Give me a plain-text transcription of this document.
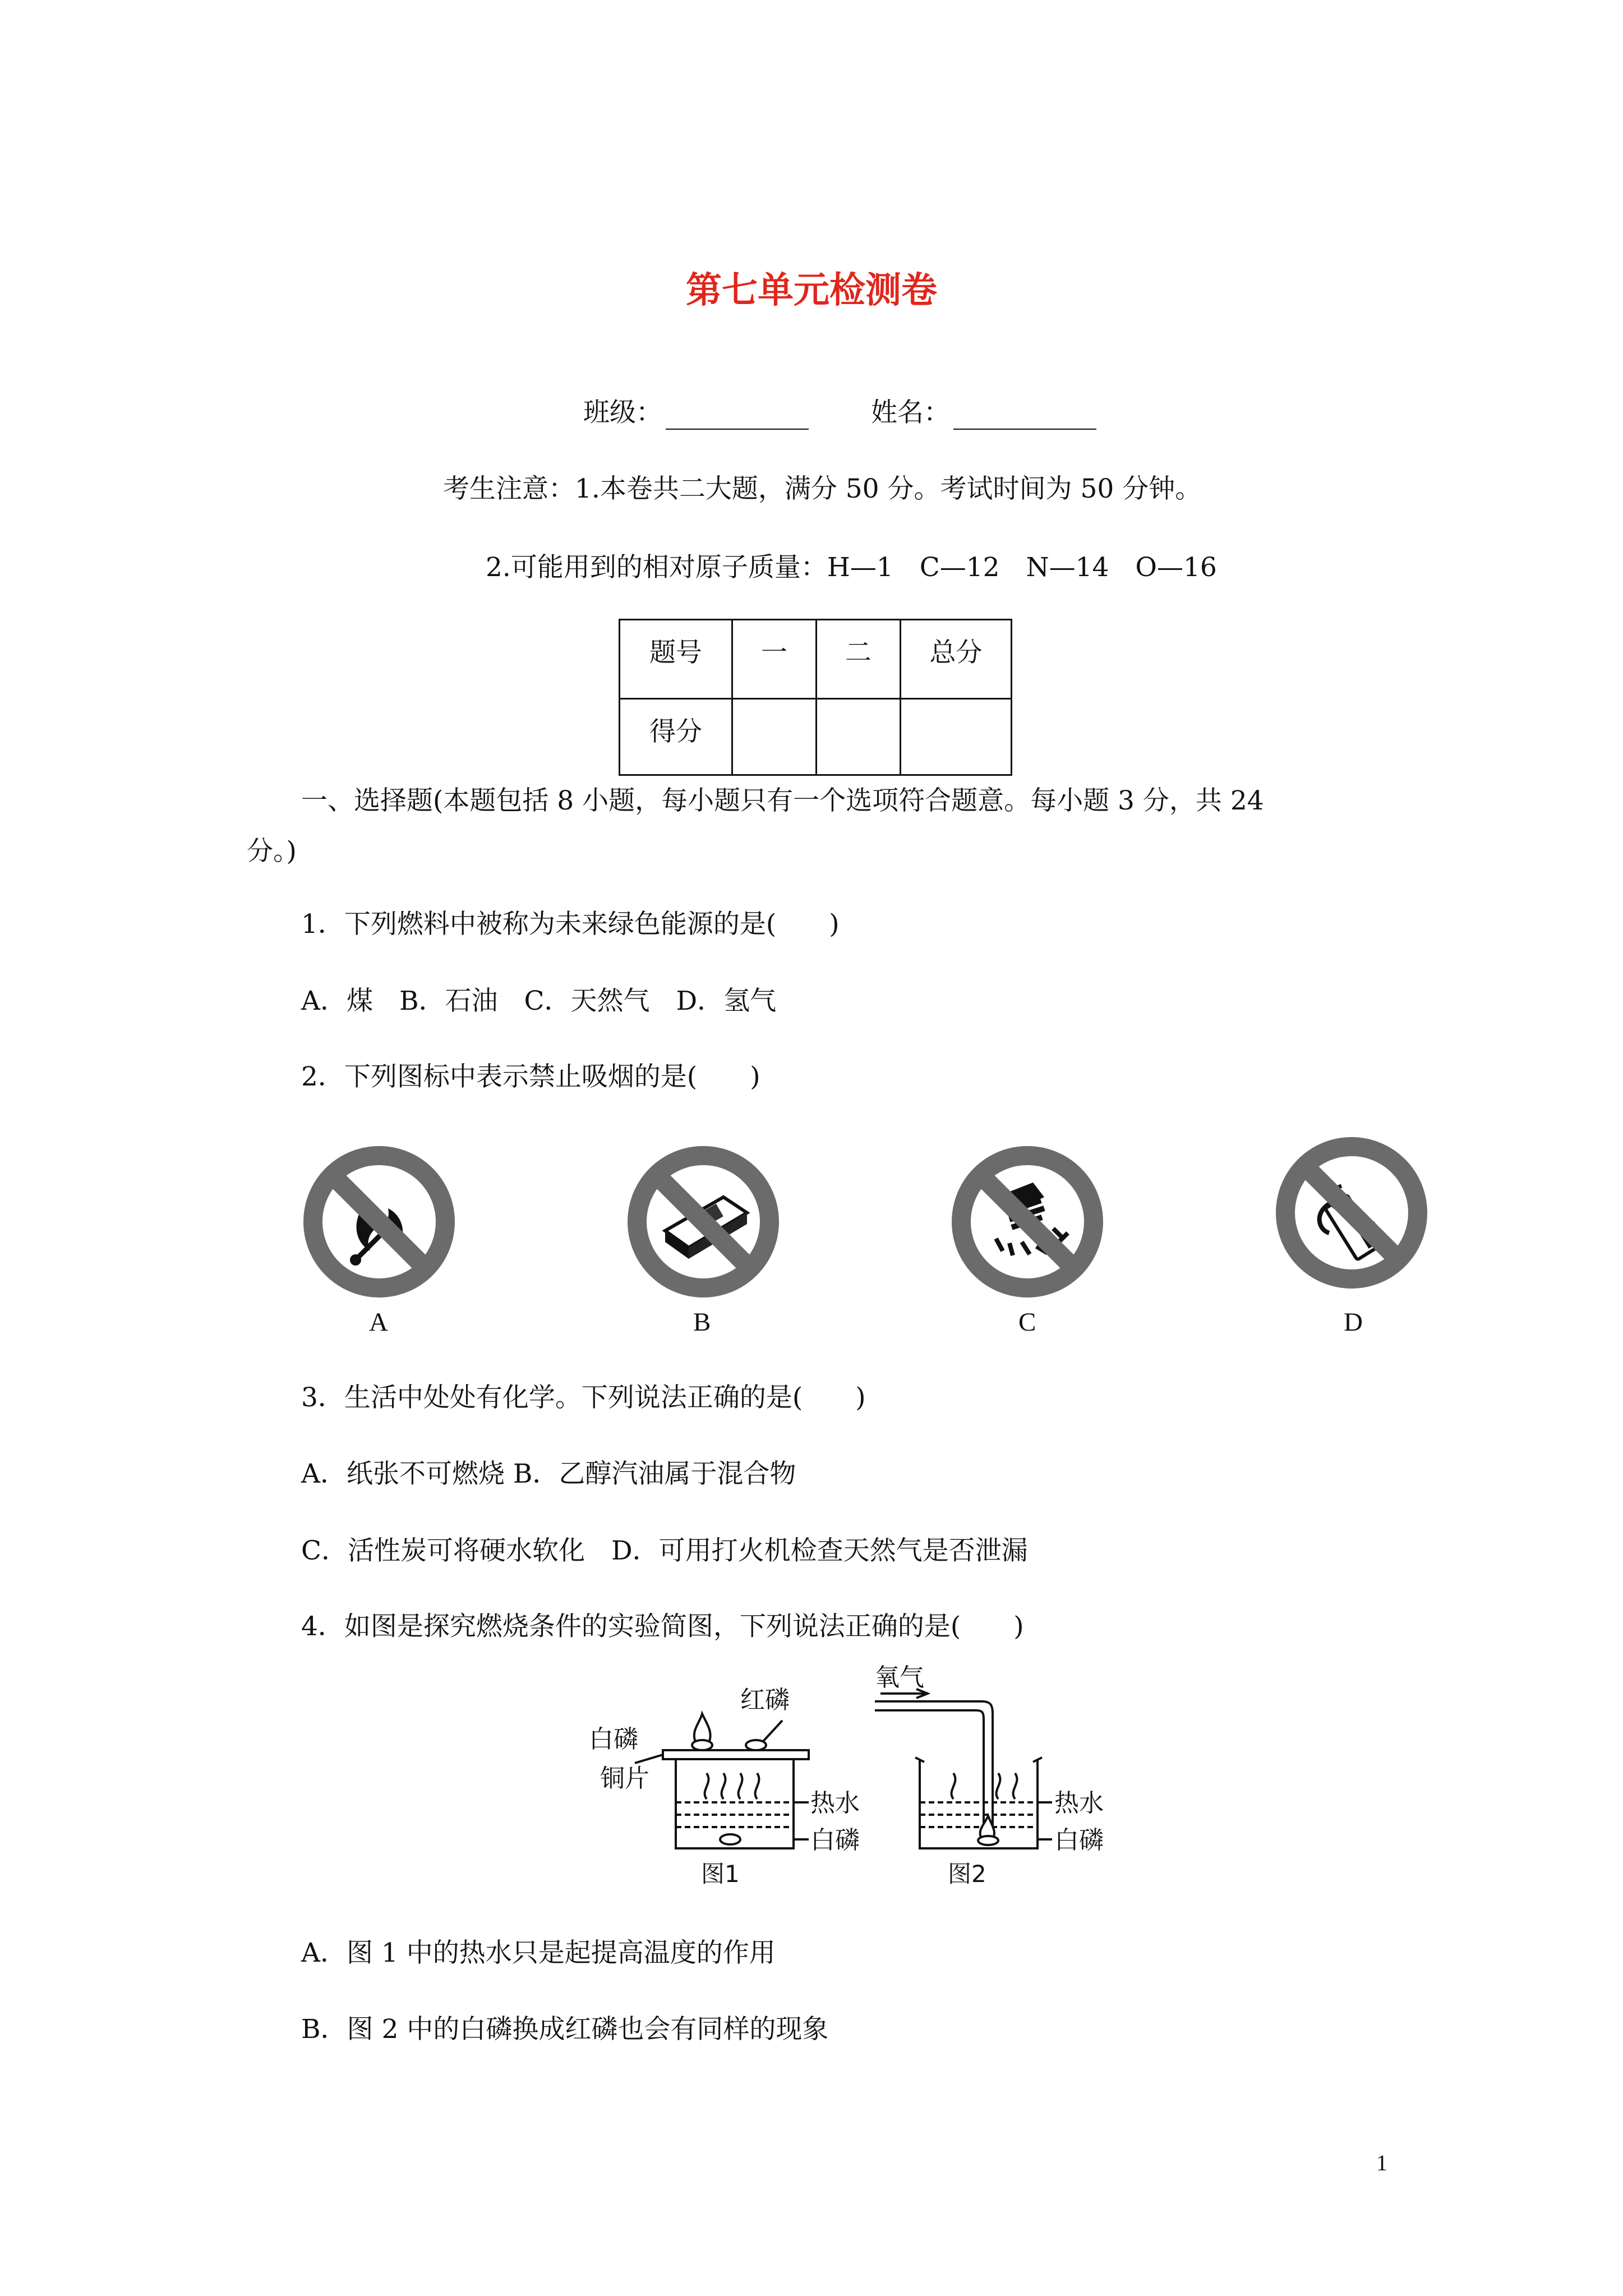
第七单元检测卷
班级：	姓名：
考生注意：1.本卷共二大题，满分 50 分。考试时间为 50 分钟。
2.可能用到的相对原子质量：H—1　C—12　N—14　O—16
题号	一	二	总分
得分			
一、选择题(本题包括 8 小题，每小题只有一个选项符合题意。每小题 3 分，共 24
分。)
1．下列燃料中被称为未来绿色能源的是(　　)
A．煤　B．石油　C．天然气　D．氢气
2．下列图标中表示禁止吸烟的是(　　)
A	B	C	D
3．生活中处处有化学。下列说法正确的是(　　)
A．纸张不可燃烧 B．乙醇汽油属于混合物
C．活性炭可将硬水软化　D．可用打火机检查天然气是否泄漏
4．如图是探究燃烧条件的实验简图，下列说法正确的是(　　)
红磷
白磷
铜片
热水
白磷
图1
氧气
热水
白磷
图2
A．图 1 中的热水只是起提高温度的作用
B．图 2 中的白磷换成红磷也会有同样的现象
1
